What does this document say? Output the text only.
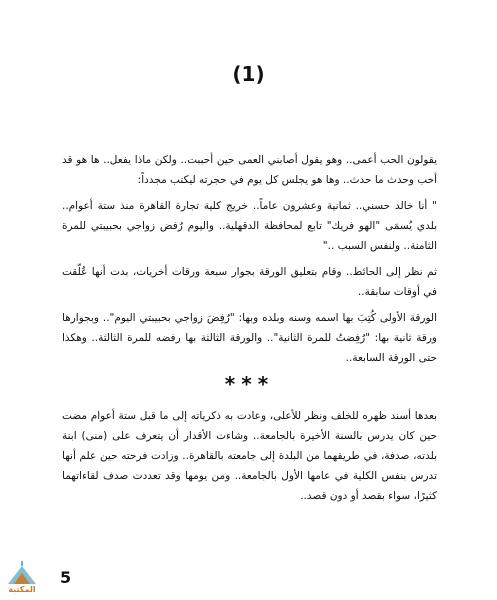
(1)

يقولون الحب أعمى.. وهو يقول أصابني العمى حين أحببت.. ولكن ماذا يفعل.. ها هو قد أحب وحدث ما حدث.. وها هو يجلس كل يوم في حجرته ليكتب مجدداً:

" أنا خالد حسني.. ثمانية وعشرون عاماً.. خريج كلية تجارة القاهرة منذ ستة أعوام.. بلدي يُسمَى "الهو فريك" تابع لمحافظة الدقهلية.. واليوم رُفض زواجي بحبيبتي للمرة الثامنة.. ولنفس السبب .."

ثم نظر إلى الحائط.. وقام بتعليق الورقة بجوار سبعة ورقات أخريات، بدت أنها عُلّقت في أوقات سابقة..

الورقة الأولى كُتِبَ بها اسمه وسنه وبلده وبها: "رُفِضَ زواجي بحبيبتي اليوم".. وبجوارها ورقة ثانية بها: "رُفِضتُ للمرة الثانية".. والورقة الثالثة بها رفضه للمرة الثالثة.. وهكذا حتى الورقة السابعة..

***

بعدها أسند ظهره للخلف ونظر للأعلى، وعادت به ذكرياته إلى ما قبل ستة أعوام مضت حين كان يدرس بالسنة الأخيرة بالجامعة.. وشاءت الأقدار أن يتعرف على (منى) ابنة بلدته، صدفة، في طريقهما من البلدة إلى جامعته بالقاهرة.. وزادت فرحته حين علم أنها تدرس بنفس الكلية في عامها الأول بالجامعة.. ومن يومها وقد تعددت صدف لقاءاتهما كثيرًا، سواء بقصد أو دون قصد..

5
المكتبة
